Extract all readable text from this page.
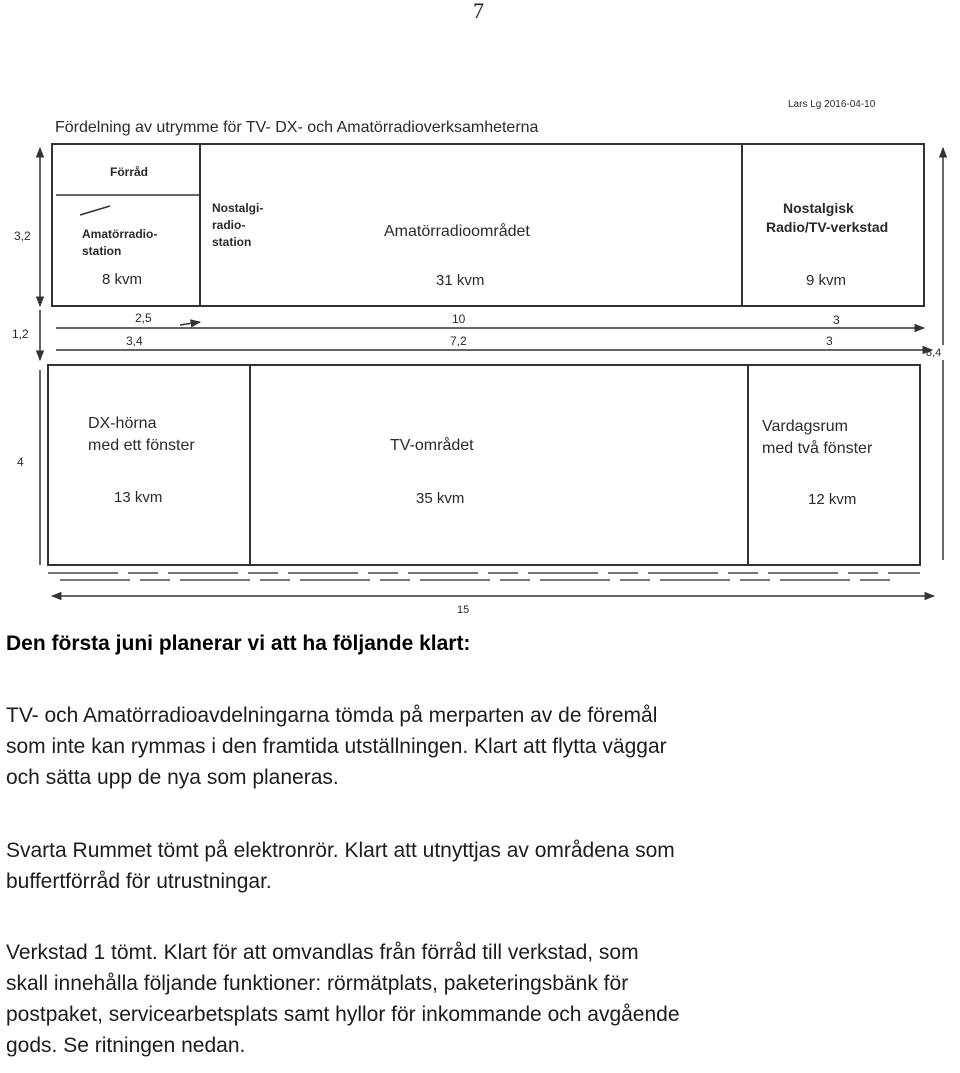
7
Fördelning av utrymme för TV- DX- och Amatörradioverksamheterna
Lars Lg 2016-04-10
Förråd
Amatörradio-
station
8 kvm
Nostalgi-
radio-
station
Amatörradioområdet
31 kvm
Nostalgisk
Radio/TV-verkstad
9 kvm
DX-hörna
med ett fönster
13 kvm
TV-området
35 kvm
Vardagsrum
med två fönster
12 kvm
3,2
1,2
4
8,4
2,5	10	3
3,4	7,2	3
15

Den första juni planerar vi att ha följande klart:

TV- och Amatörradioavdelningarna tömda på merparten av de föremål
som inte kan rymmas i den framtida utställningen. Klart att flytta väggar
och sätta upp de nya som planeras.

Svarta Rummet tömt på elektronrör. Klart att utnyttjas av områdena som
buffertförråd för utrustningar.

Verkstad 1 tömt. Klart för att omvandlas från förråd till verkstad, som
skall innehålla följande funktioner: rörmätplats, paketeringsbänk för
postpaket, servicearbetsplats samt hyllor för inkommande och avgående
gods. Se ritningen nedan.
